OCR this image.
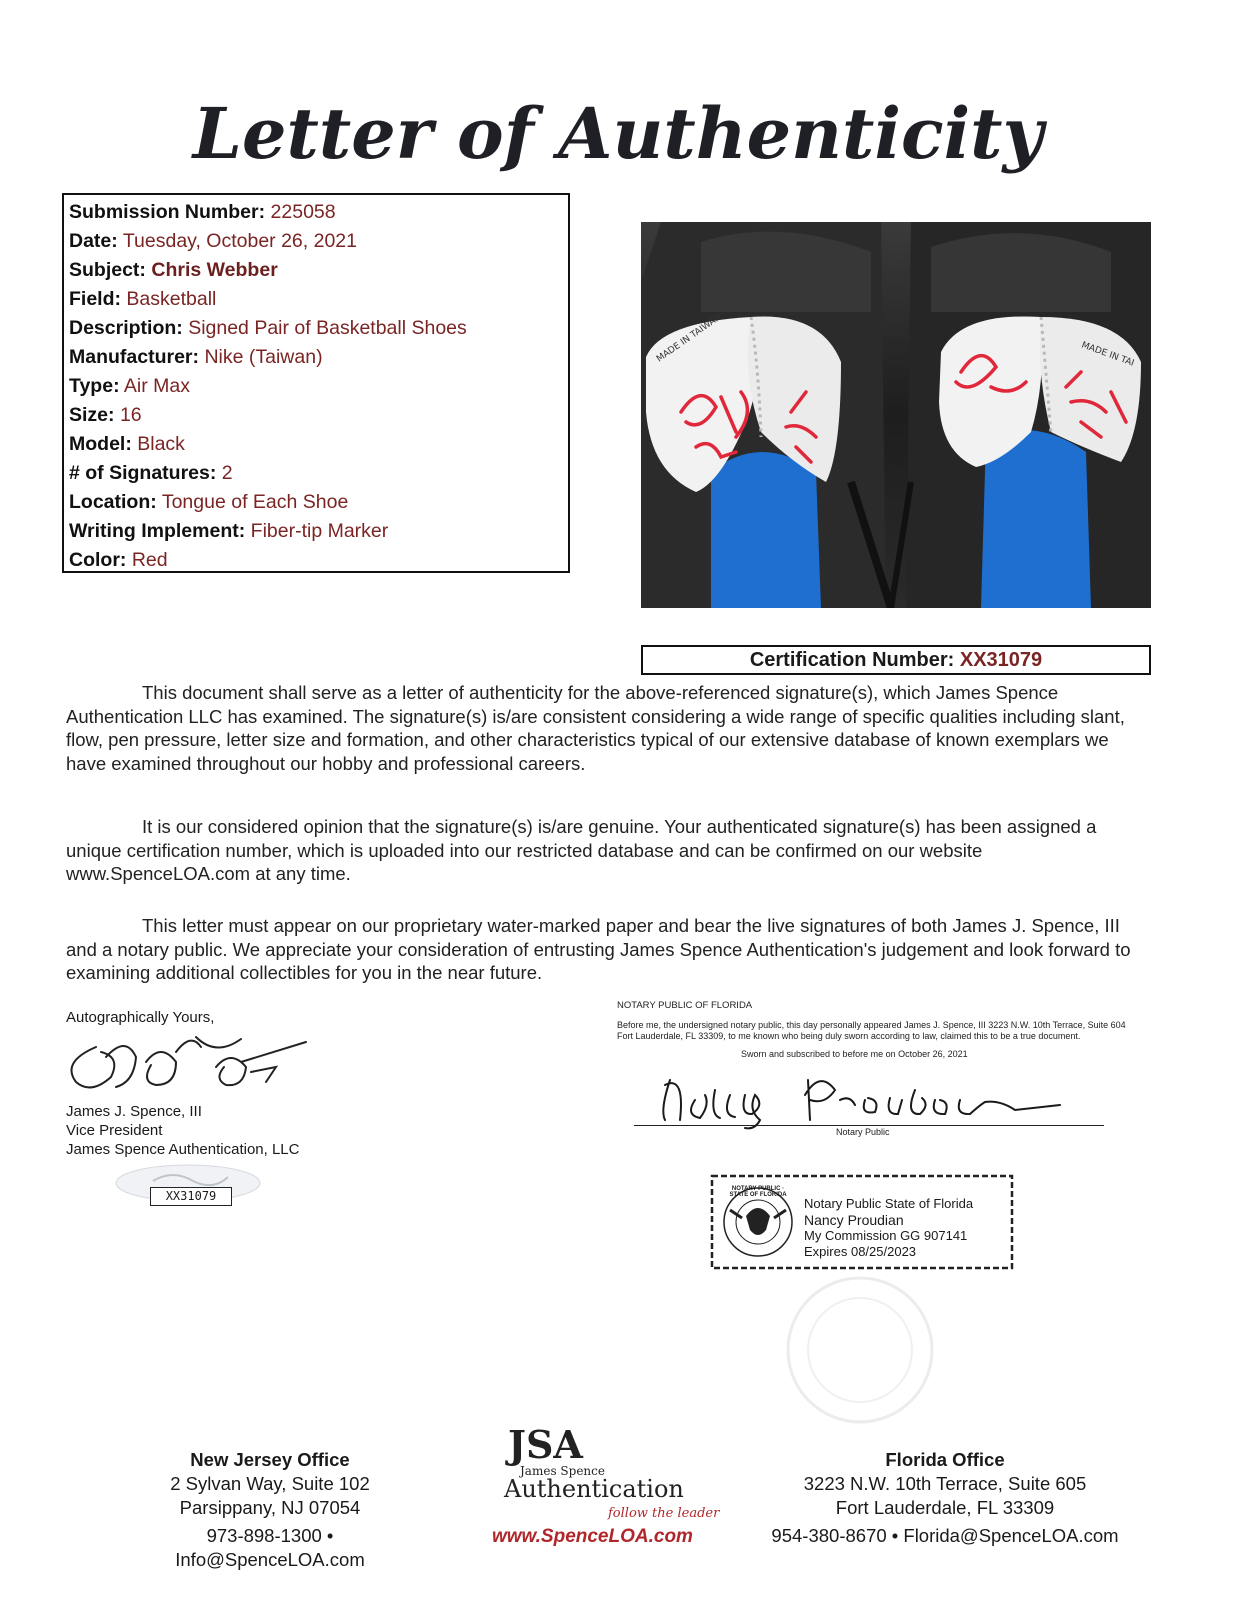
Letter of Authenticity
Submission Number: 225058
Date: Tuesday, October 26, 2021
Subject: Chris Webber
Field: Basketball
Description: Signed Pair of Basketball Shoes
Manufacturer: Nike (Taiwan)
Type: Air Max
Size: 16
Model: Black
# of Signatures: 2
Location: Tongue of Each Shoe
Writing Implement: Fiber-tip Marker
Color: Red
MADE IN TAIWAN	MADE IN TAI
Certification Number: XX31079

This document shall serve as a letter of authenticity for the above-referenced signature(s), which James Spence Authentication LLC has examined. The signature(s) is/are consistent considering a wide range of specific qualities including slant, flow, pen pressure, letter size and formation, and other characteristics typical of our extensive database of known exemplars we have examined throughout our hobby and professional careers.

It is our considered opinion that the signature(s) is/are genuine. Your authenticated signature(s) has been assigned a unique certification number, which is uploaded into our restricted database and can be confirmed on our website www.SpenceLOA.com at any time.

This letter must appear on our proprietary water-marked paper and bear the live signatures of both James J. Spence, III and a notary public. We appreciate your consideration of entrusting James Spence Authentication's judgement and look forward to examining additional collectibles for you in the near future.

Autographically Yours,
James J. Spence, III
Vice President
James Spence Authentication, LLC
XX31079
NOTARY PUBLIC OF FLORIDA
Before me, the undersigned notary public, this day personally appeared James J. Spence, III 3223 N.W. 10th Terrace, Suite 604 Fort Lauderdale, FL 33309, to me known who being duly sworn according to law, claimed this to be a true document.
Sworn and subscribed to before me on October 26, 2021
Notary Public
NOTARY PUBLIC · STATE OF FLORIDA
Notary Public State of Florida
Nancy Proudian
My Commission GG 907141
Expires 08/25/2023
New Jersey Office
2 Sylvan Way, Suite 102
Parsippany, NJ 07054
973-898-1300 • Info@SpenceLOA.com
JSA
James Spence
Authentication
follow the leader
www.SpenceLOA.com
Florida Office
3223 N.W. 10th Terrace, Suite 605
Fort Lauderdale, FL 33309
954-380-8670 • Florida@SpenceLOA.com
